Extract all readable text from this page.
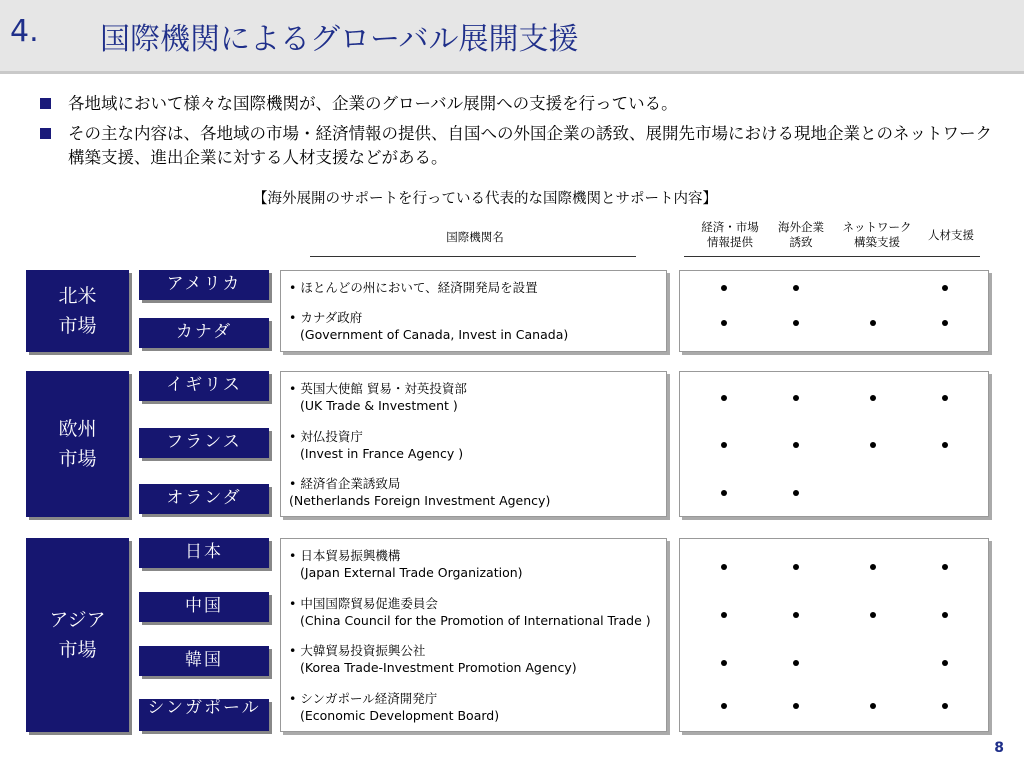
4. 国際機関によるグローバル展開支援
各地域において様々な国際機関が、企業のグローバル展開への支援を行っている。
その主な内容は、各地域の市場・経済情報の提供、自国への外国企業の誘致、展開先市場における現地企業とのネットワーク構築支援、進出企業に対する人材支援などがある。
【海外展開のサポートを行っている代表的な国際機関とサポート内容】
国際機関名
経済・市場
情報提供
海外企業
誘致
ネットワーク
構築支援	人材支援
北米
市場
アメリカ
カナダ
• ほとんどの州において、経済開発局を設置
• カナダ政府
(Government of Canada, Invest in Canada)
欧州
市場
イギリス
フランス
オランダ
• 英国大使館 貿易・対英投資部
(UK Trade & Investment )
• 対仏投資庁
(Invest in France Agency )
• 経済省企業誘致局
(Netherlands Foreign Investment Agency)
アジア
市場
日本
中国
韓国
シンガポール
• 日本貿易振興機構
(Japan External Trade Organization)
• 中国国際貿易促進委員会
(China Council for the Promotion of International Trade )
• 大韓貿易投資振興公社
(Korea Trade-Investment Promotion Agency)
• シンガポール経済開発庁
(Economic Development Board)
8
